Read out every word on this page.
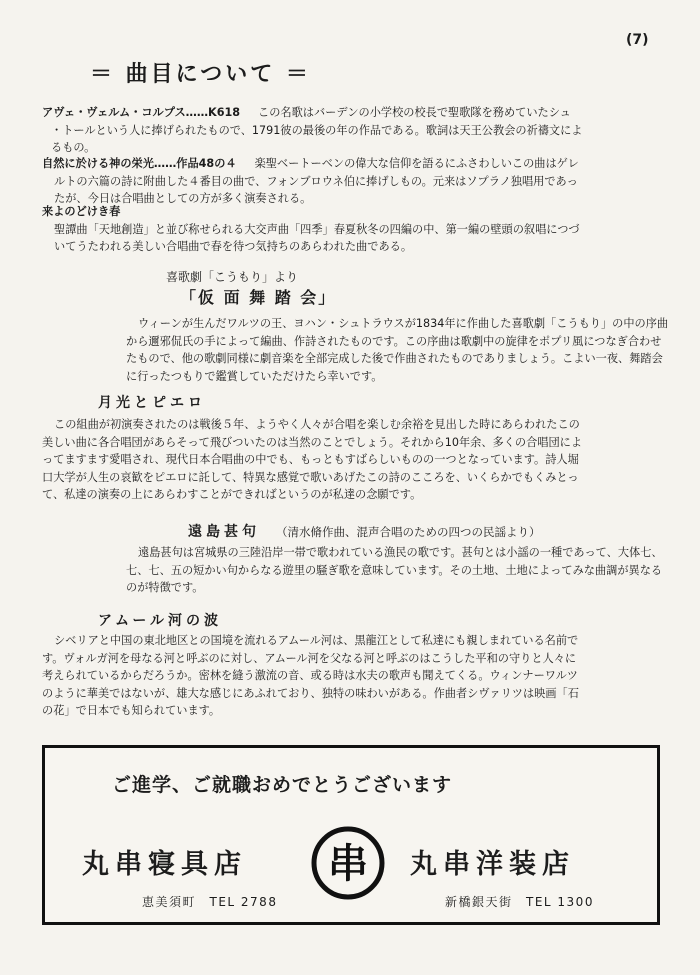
(7)
＝ 曲目について ＝

アヴェ・ヴェルム・コルプス……K618 この名歌はバーデンの小学校の校長で聖歌隊を務めていたシュ

・トールという人に捧げられたもので、1791彼の最後の年の作品である。歌詞は天王公教会の祈禱文によ

るもの。

自然に於ける神の栄光……作品48の４ 楽聖ベートーベンの偉大な信仰を語るにふさわしいこの曲はゲレ

ルトの六篇の詩に附曲した４番目の曲で、フォンブロウネ伯に捧げしもの。元来はソプラノ独唱用であっ

たが、今日は合唱曲としての方が多く演奏される。

来よのどけき春

聖譚曲「天地創造」と並び称せられる大交声曲「四季」春夏秋冬の四編の中、第一編の壁頭の叙唱につづ

いてうたわれる美しい合唱曲で春を待つ気持ちのあらわれた曲である。

喜歌劇「こうもり」より
「仮 面 舞 踏 会」

ウィーンが生んだワルツの王、ヨハン・シュトラウスが1834年に作曲した喜歌劇「こうもり」の中の序曲

から邇邪侃氏の手によって編曲、作詩されたものです。この序曲は歌劇中の旋律をポプリ風につなぎ合わせ

たもので、他の歌劇同様に劇音楽を全部完成した後で作曲されたものでありましょう。こよい一夜、舞踏会

に行ったつもりで鑑賞していただけたら幸いです。

月光とピエロ

この組曲が初演奏されたのは戦後５年、ようやく人々が合唱を楽しむ余裕を見出した時にあらわれたこの

美しい曲に各合唱団があらそって飛びついたのは当然のことでしょう。それから10年余、多くの合唱団によ

ってますます愛唱され、現代日本合唱曲の中でも、もっともすばらしいものの一つとなっています。詩人堀

口大学が人生の哀歓をピエロに託して、特異な感覚で歌いあげたこの詩のこころを、いくらかでもくみとっ

て、私達の演奏の上にあらわすことができればというのが私達の念願です。

遠島甚句 （清水脩作曲、混声合唱のための四つの民謡より）

遠島甚句は宮城県の三陸沿岸一帯で歌われている漁民の歌です。甚句とは小謡の一種であって、大体七、

七、七、五の短かい句からなる遊里の騒ぎ歌を意味しています。その土地、土地によってみな曲調が異なる

のが特徴です。

アムール河の波

シベリアと中国の東北地区との国境を流れるアムール河は、黒龍江として私達にも親しまれている名前で

す。ヴォルガ河を母なる河と呼ぶのに対し、アムール河を父なる河と呼ぶのはこうした平和の守りと人々に

考えられているからだろうか。密林を縫う激流の音、或る時は水夫の歌声も聞えてくる。ウィンナーワルツ

のように華美ではないが、雄大な感じにあふれており、独特の味わいがある。作曲者シヴァリツは映画「石

の花」で日本でも知られています。

ご進学、ご就職おめでとうございます
丸串寝具店	丸串洋装店
恵美須町　TEL 2788	新橋銀天街　TEL 1300
串
